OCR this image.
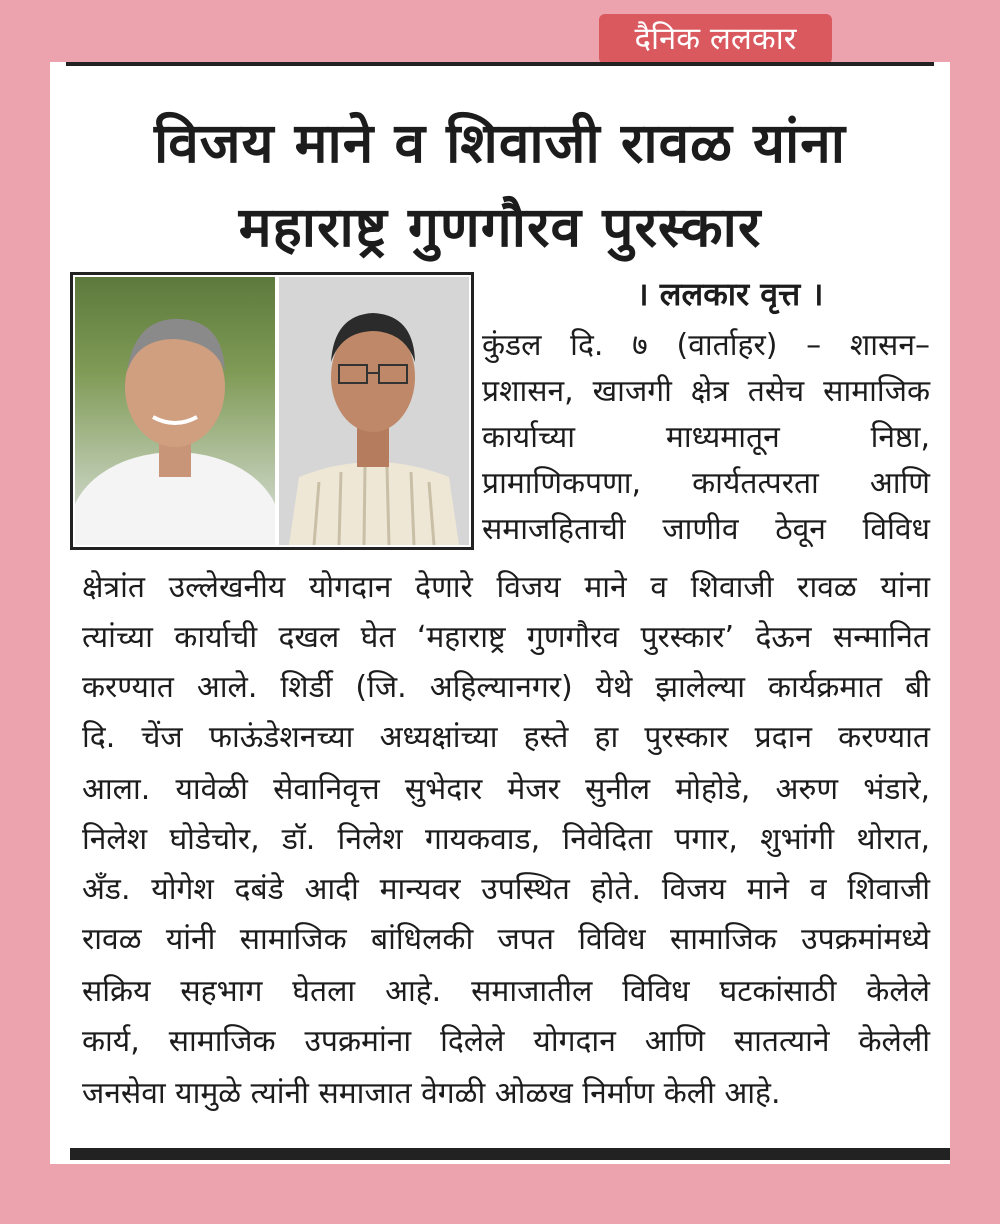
दैनिक ललकार
विजय माने व शिवाजी रावळ यांना
महाराष्ट्र गुणगौरव पुरस्कार
। ललकार वृत्त ।
कुंडल दि. ७ (वार्ताहर) – शासन–
प्रशासन, खाजगी क्षेत्र तसेच सामाजिक
कार्याच्या माध्यमातून निष्ठा,
प्रामाणिकपणा, कार्यतत्परता आणि
समाजहिताची जाणीव ठेवून विविध
क्षेत्रांत उल्लेखनीय योगदान देणारे विजय माने व शिवाजी रावळ यांना
त्यांच्या कार्याची दखल घेत ‘महाराष्ट्र गुणगौरव पुरस्कार’ देऊन सन्मानित
करण्यात आले. शिर्डी (जि. अहिल्यानगर) येथे झालेल्या कार्यक्रमात बी
दि. चेंज फाऊंडेशनच्या अध्यक्षांच्या हस्ते हा पुरस्कार प्रदान करण्यात
आला. यावेळी सेवानिवृत्त सुभेदार मेजर सुनील मोहोडे, अरुण भंडारे,
निलेश घोडेचोर, डॉ. निलेश गायकवाड, निवेदिता पगार, शुभांगी थोरात,
अँड. योगेश दबंडे आदी मान्यवर उपस्थित होते. विजय माने व शिवाजी
रावळ यांनी सामाजिक बांधिलकी जपत विविध सामाजिक उपक्रमांमध्ये
सक्रिय सहभाग घेतला आहे. समाजातील विविध घटकांसाठी केलेले
कार्य, सामाजिक उपक्रमांना दिलेले योगदान आणि सातत्याने केलेली
जनसेवा यामुळे त्यांनी समाजात वेगळी ओळख निर्माण केली आहे.
